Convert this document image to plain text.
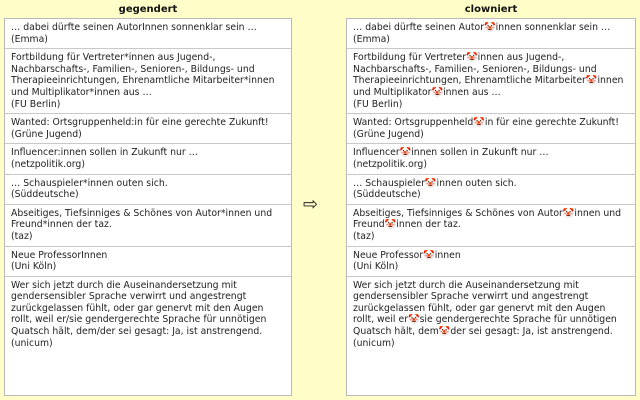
gegendert	clowniert
… dabei dürfte seinen AutorInnen sonnenklar sein …
(Emma)
Fortbildung für Vertreter*innen aus Jugend-, Nachbarschafts-, Familien-, Senioren-, Bildungs- und Therapieeinrichtungen, Ehrenamtliche Mitarbeiter*innen und Multiplikator*innen aus …
(FU Berlin)
Wanted: Ortsgruppenheld:in für eine gerechte Zukunft!
(Grüne Jugend)
Influencer:innen sollen in Zukunft nur …
(netzpolitik.org)
… Schauspieler*innen outen sich.
(Süddeutsche)
Abseitiges, Tiefsinniges & Schönes von Autor*innen und Freund*innen der taz.
(taz)
Neue ProfessorInnen
(Uni Köln)
Wer sich jetzt durch die Auseinandersetzung mit gendersensibler Sprache verwirrt und angestrengt zurückgelassen fühlt, oder gar genervt mit den Augen rollt, weil er/sie gendergerechte Sprache für unnötigen Quatsch hält, dem/der sei gesagt: Ja, ist anstrengend.
(unicum)
⇨
… dabei dürfte seinen Autor🤡innen sonnenklar sein …
(Emma)
Fortbildung für Vertreter🤡innen aus Jugend-, Nachbarschafts-, Familien-, Senioren-, Bildungs- und Therapieeinrichtungen, Ehrenamtliche Mitarbeiter🤡innen und Multiplikator🤡innen aus …
(FU Berlin)
Wanted: Ortsgruppenheld🤡in für eine gerechte Zukunft!
(Grüne Jugend)
Influencer🤡innen sollen in Zukunft nur …
(netzpolitik.org)
… Schauspieler🤡innen outen sich.
(Süddeutsche)
Abseitiges, Tiefsinniges & Schönes von Autor🤡innen und Freund🤡innen der taz.
(taz)
Neue Professor🤡innen
(Uni Köln)
Wer sich jetzt durch die Auseinandersetzung mit gendersensibler Sprache verwirrt und angestrengt zurückgelassen fühlt, oder gar genervt mit den Augen rollt, weil er🤡sie gendergerechte Sprache für unnötigen Quatsch hält, dem🤡der sei gesagt: Ja, ist anstrengend.
(unicum)
